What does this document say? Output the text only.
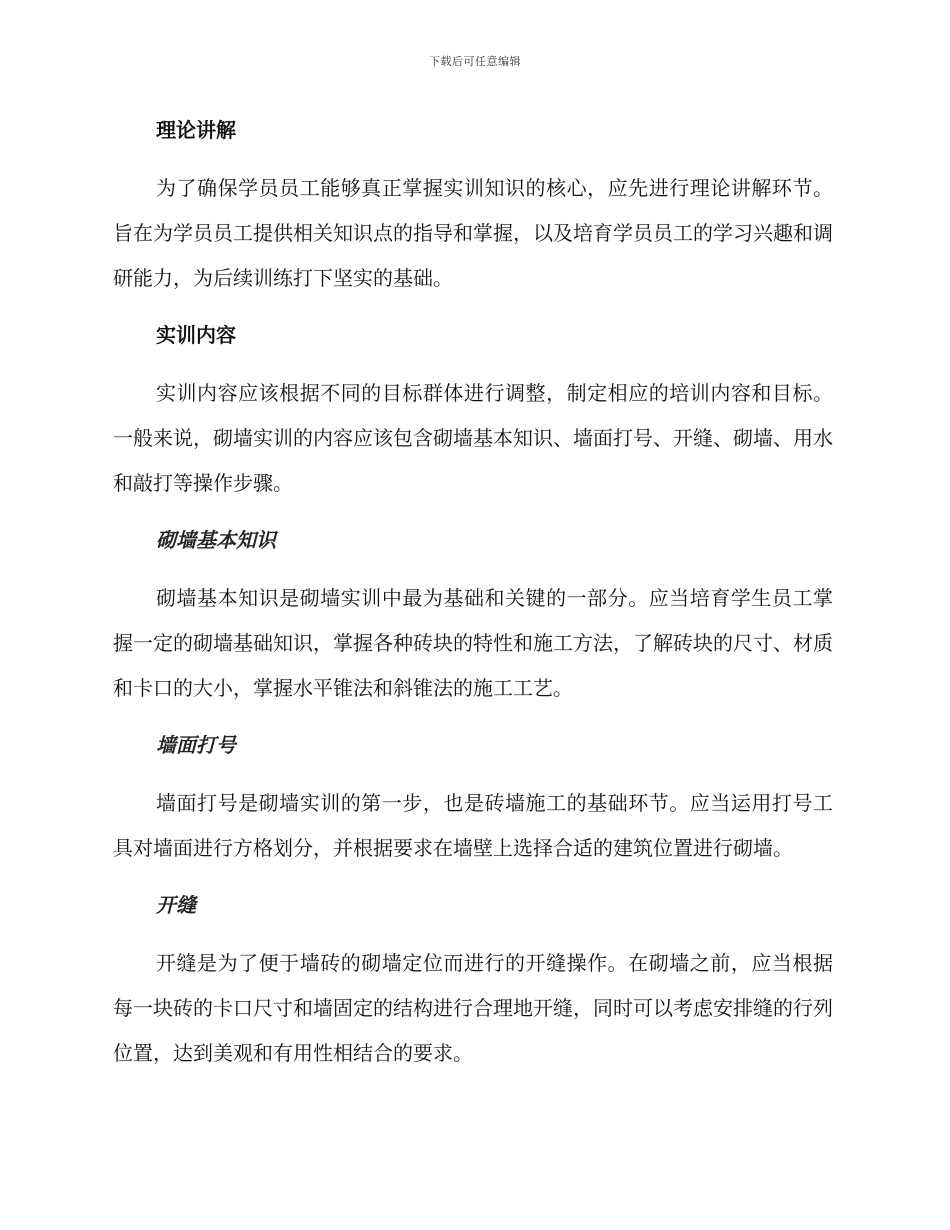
下载后可任意编辑
理论讲解

为了确保学员员工能够真正掌握实训知识的核心，应先进行理论讲解环节。旨在为学员员工提供相关知识点的指导和掌握，以及培育学员员工的学习兴趣和调研能力，为后续训练打下坚实的基础。

实训内容

实训内容应该根据不同的目标群体进行调整，制定相应的培训内容和目标。一般来说，砌墙实训的内容应该包含砌墙基本知识、墙面打号、开缝、砌墙、用水和敲打等操作步骤。

砌墙基本知识

砌墙基本知识是砌墙实训中最为基础和关键的一部分。应当培育学生员工掌握一定的砌墙基础知识，掌握各种砖块的特性和施工方法，了解砖块的尺寸、材质和卡口的大小，掌握水平锥法和斜锥法的施工工艺。

墙面打号

墙面打号是砌墙实训的第一步，也是砖墙施工的基础环节。应当运用打号工具对墙面进行方格划分，并根据要求在墙壁上选择合适的建筑位置进行砌墙。

开缝

开缝是为了便于墙砖的砌墙定位而进行的开缝操作。在砌墙之前，应当根据每一块砖的卡口尺寸和墙固定的结构进行合理地开缝，同时可以考虑安排缝的行列位置，达到美观和有用性相结合的要求。
